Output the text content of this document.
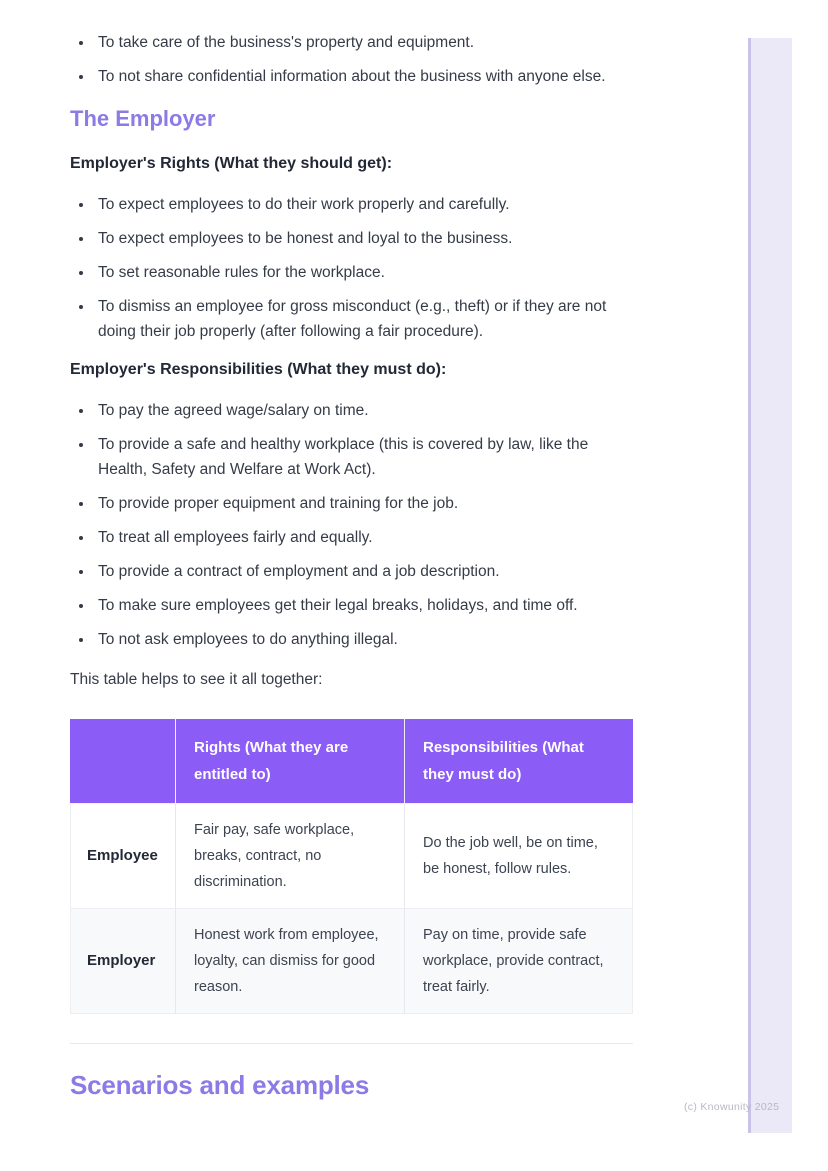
(c) Knowunity 2025
• To take care of the business's property and equipment.
• To not share confidential information about the business with anyone else.
The Employer

Employer's Rights (What they should get):

• To expect employees to do their work properly and carefully.
• To expect employees to be honest and loyal to the business.
• To set reasonable rules for the workplace.
• To dismiss an employee for gross misconduct (e.g., theft) or if they are not doing their job properly (after following a fair procedure).

Employer's Responsibilities (What they must do):

• To pay the agreed wage/salary on time.
• To provide a safe and healthy workplace (this is covered by law, like the Health, Safety and Welfare at Work Act).
• To provide proper equipment and training for the job.
• To treat all employees fairly and equally.
• To provide a contract of employment and a job description.
• To make sure employees get their legal breaks, holidays, and time off.
• To not ask employees to do anything illegal.

This table helps to see it all together:

	Rights (What they are entitled to)	Responsibilities (What they must do)
Employee	Fair pay, safe workplace, breaks, contract, no discrimination.	Do the job well, be on time, be honest, follow rules.
Employer	Honest work from employee, loyalty, can dismiss for good reason.	Pay on time, provide safe workplace, provide contract, treat fairly.
Scenarios and examples
